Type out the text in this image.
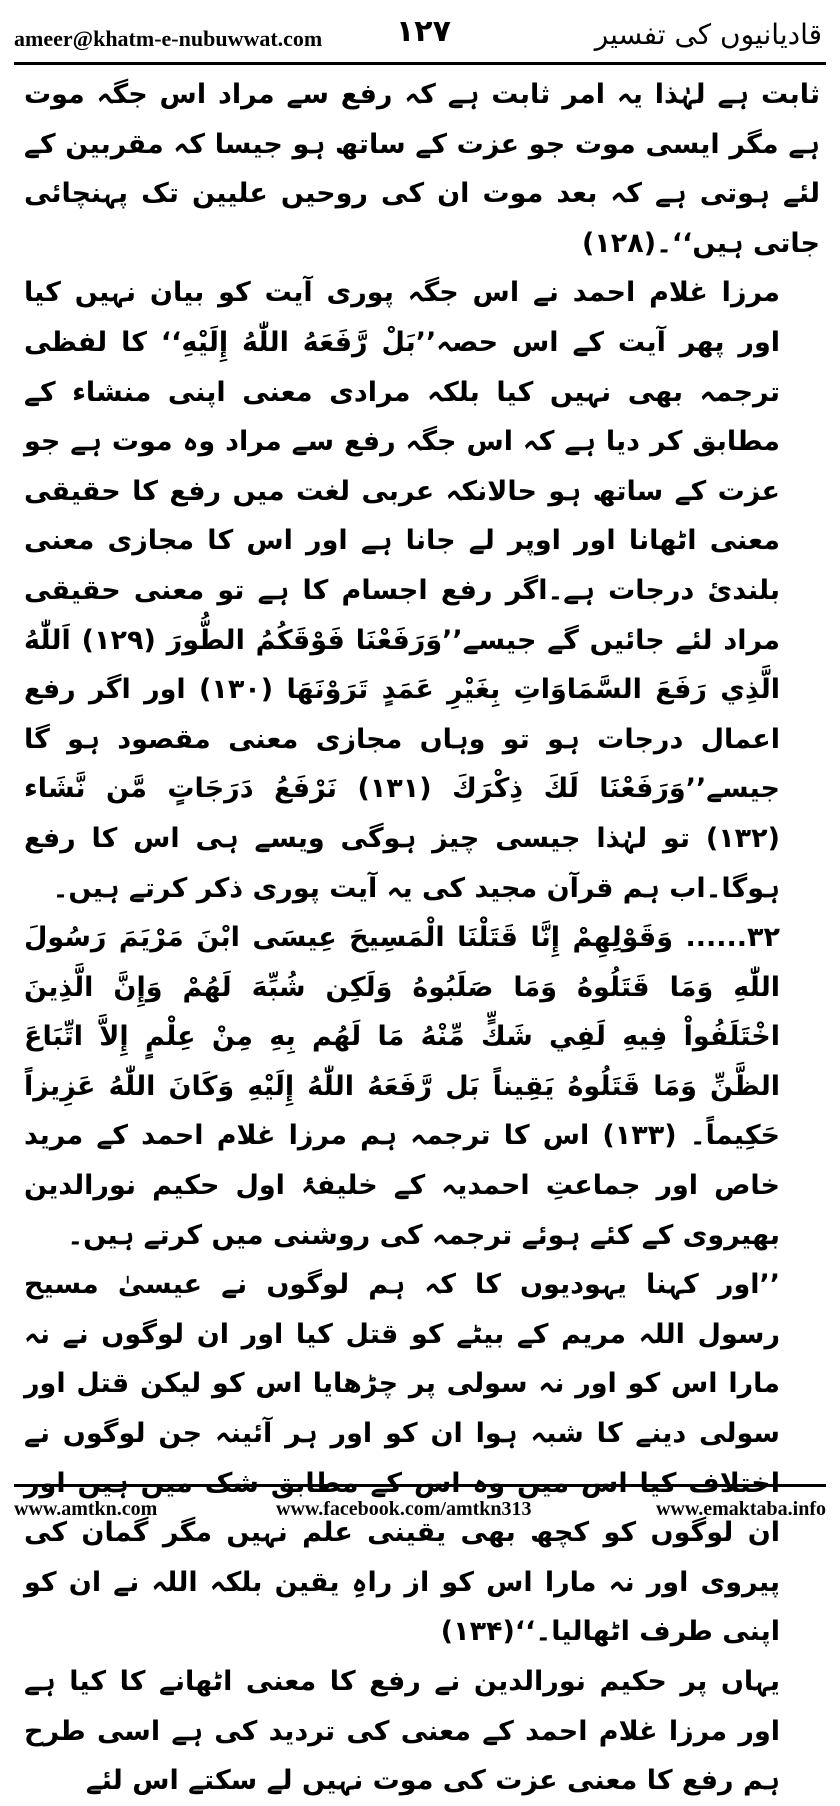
ameer@khatm-e-nubuwwat.com ۱۲۷	قادیانیوں کی تفسیر

ثابت ہے لہٰذا یہ امر ثابت ہے کہ رفع سے مراد اس جگہ موت ہے مگر ایسی موت جو عزت کے ساتھ ہو جیسا کہ مقربین کے لئے ہوتی ہے کہ بعد موت ان کی روحیں علیین تک پہنچائی جاتی ہیں‘‘۔(۱۲۸)

مرزا غلام احمد نے اس جگہ پوری آیت کو بیان نہیں کیا اور پھر آیت کے اس حصہ’’بَلْ رَّفَعَهُ اللّٰهُ إِلَيْهِ‘‘ کا لفظی ترجمہ بھی نہیں کیا بلکہ مرادی معنی اپنی منشاء کے مطابق کر دیا ہے کہ اس جگہ رفع سے مراد وہ موت ہے جو عزت کے ساتھ ہو حالانکہ عربی لغت میں رفع کا حقیقی معنی اٹھانا اور اوپر لے جانا ہے اور اس کا مجازی معنی بلندیٔ درجات ہے۔اگر رفع اجسام کا ہے تو معنی حقیقی مراد لئے جائیں گے جیسے’’وَرَفَعْنَا فَوْقَكُمُ الطُّورَ (۱۲۹) اَللّٰهُ الَّذِي رَفَعَ السَّمَاوَاتِ بِغَيْرِ عَمَدٍ تَرَوْنَهَا (۱۳۰) اور اگر رفع اعمال درجات ہو تو وہاں مجازی معنی مقصود ہو گا جیسے’’وَرَفَعْنَا لَكَ ذِكْرَكَ (۱۳۱) نَرْفَعُ دَرَجَاتٍ مَّن نَّشَاء (۱۳۲) تو لہٰذا جیسی چیز ہوگی ویسے ہی اس کا رفع ہوگا۔اب ہم قرآن مجید کی یہ آیت پوری ذکر کرتے ہیں۔

۳۲...... وَقَوْلِهِمْ إِنَّا قَتَلْنَا الْمَسِيحَ عِيسَى ابْنَ مَرْيَمَ رَسُولَ اللّٰهِ وَمَا قَتَلُوهُ وَمَا صَلَبُوهُ وَلَكِن شُبِّهَ لَهُمْ وَإِنَّ الَّذِينَ اخْتَلَفُواْ فِيهِ لَفِي شَكٍّ مِّنْهُ مَا لَهُم بِهِ مِنْ عِلْمٍ إِلاَّ اتِّبَاعَ الظَّنِّ وَمَا قَتَلُوهُ يَقِيناً بَل رَّفَعَهُ اللّٰهُ إِلَيْهِ وَكَانَ اللّٰهُ عَزِيزاً حَكِيماً۔ (۱۳۳) اس کا ترجمہ ہم مرزا غلام احمد کے مرید خاص اور جماعتِ احمدیہ کے خلیفۂ اول حکیم نورالدین بھیروی کے کئے ہوئے ترجمہ کی روشنی میں کرتے ہیں۔

’’اور کہنا یہودیوں کا کہ ہم لوگوں نے عیسیٰ مسیح رسول اللہ مریم کے بیٹے کو قتل کیا اور ان لوگوں نے نہ مارا اس کو اور نہ سولی پر چڑھایا اس کو لیکن قتل اور سولی دینے کا شبہ ہوا ان کو اور ہر آئینہ جن لوگوں نے اختلاف کیا اس میں وہ اس کے مطابق شک میں ہیں اور ان لوگوں کو کچھ بھی یقینی علم نہیں مگر گمان کی پیروی اور نہ مارا اس کو از راہِ یقین بلکہ اللہ نے ان کو اپنی طرف اٹھالیا۔‘‘(۱۳۴)

یہاں پر حکیم نورالدین نے رفع کا معنی اٹھانے کا کیا ہے اور مرزا غلام احمد کے معنی کی تردید کی ہے اسی طرح ہم رفع کا معنی عزت کی موت نہیں لے سکتے اس لئے

www.amtkn.com	www.facebook.com/amtkn313	www.emaktaba.info
